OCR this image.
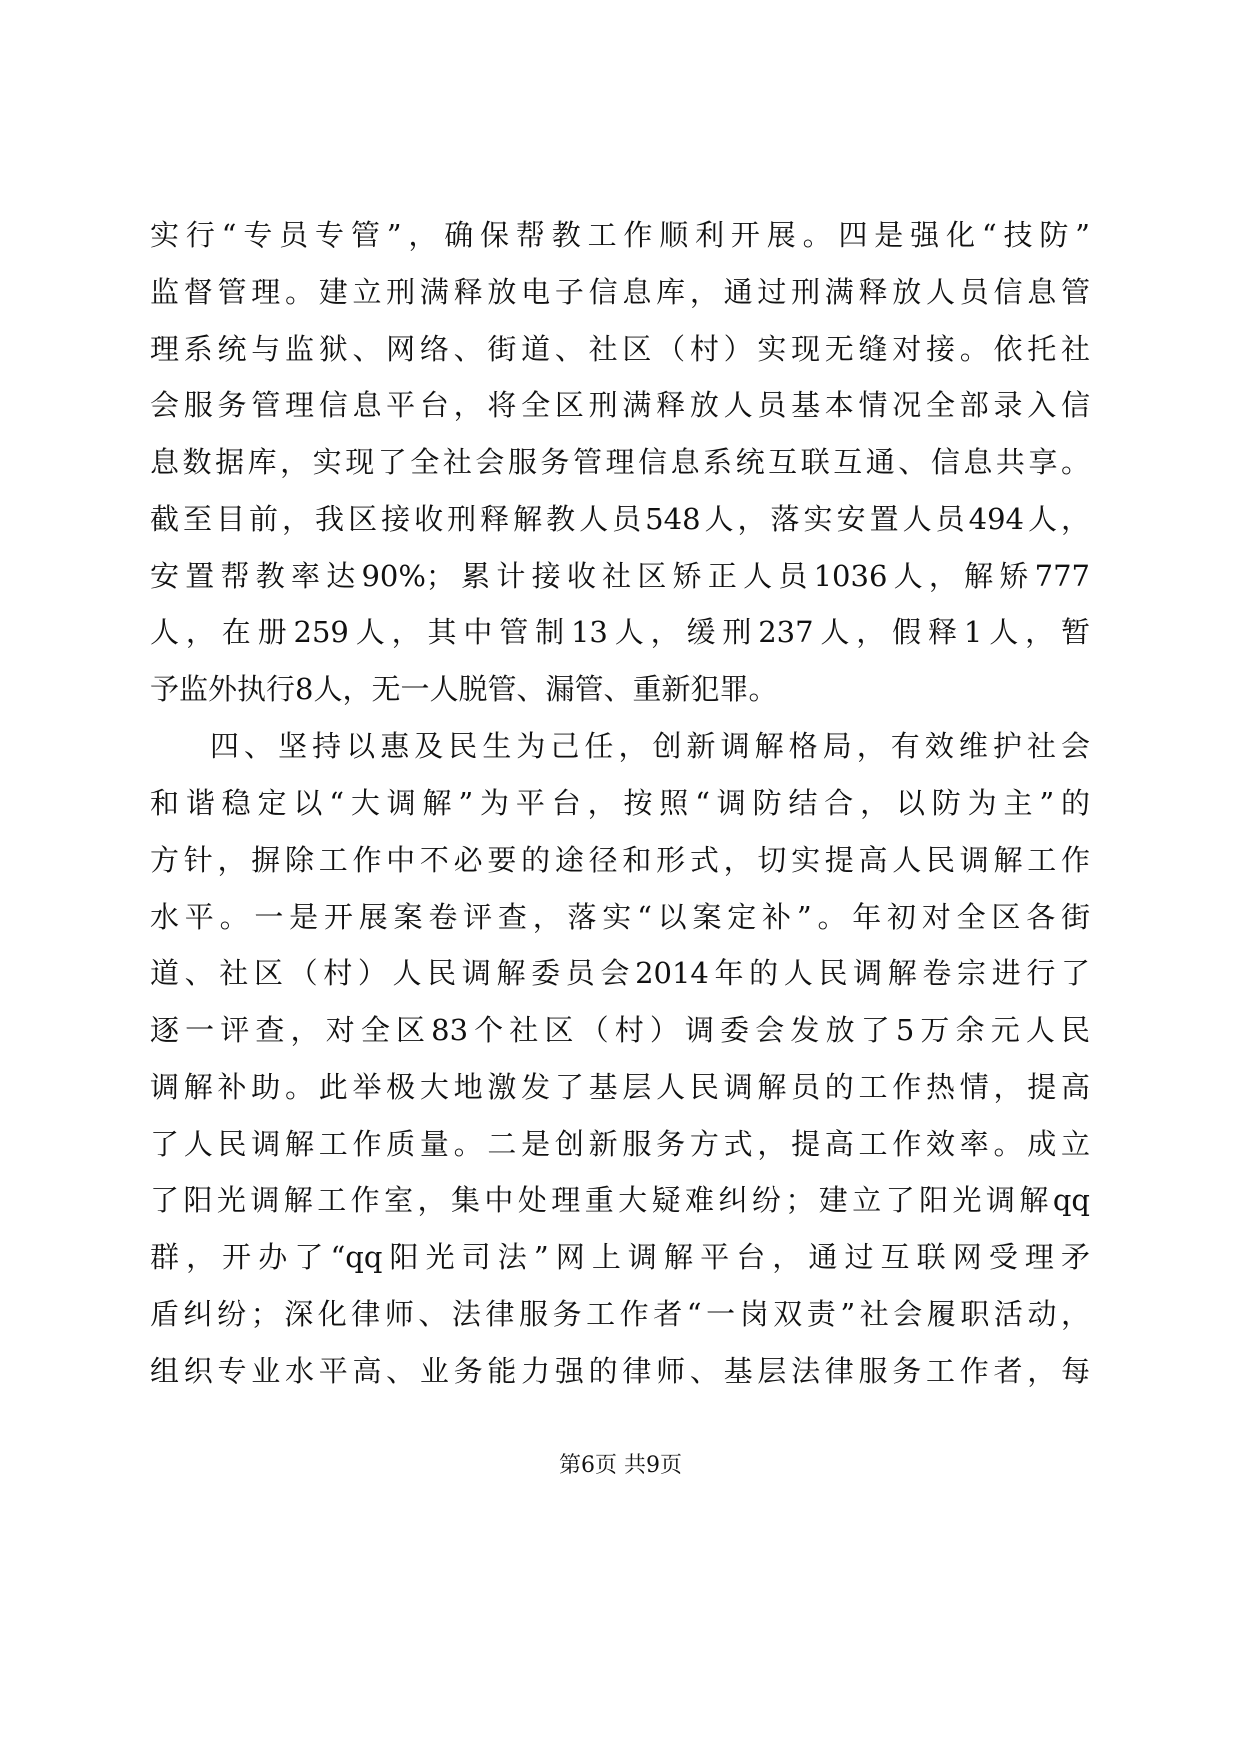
实行“专员专管”，确保帮教工作顺利开展。四是强化“技防”
监督管理。建立刑满释放电子信息库，通过刑满释放人员信息管
理系统与监狱、网络、街道、社区（村）实现无缝对接。依托社
会服务管理信息平台，将全区刑满释放人员基本情况全部录入信
息数据库，实现了全社会服务管理信息系统互联互通、信息共享。
截至目前，我区接收刑释解教人员548人，落实安置人员494人，
安置帮教率达90%；累计接收社区矫正人员1036人，解矫777
人，在册259人，其中管制13人，缓刑237人，假释1人，暂
予监外执行8人，无一人脱管、漏管、重新犯罪。
四、坚持以惠及民生为己任，创新调解格局，有效维护社会
和谐稳定以“大调解”为平台，按照“调防结合，以防为主”的
方针，摒除工作中不必要的途径和形式，切实提高人民调解工作
水平。一是开展案卷评查，落实“以案定补”。年初对全区各街
道、社区（村）人民调解委员会2014年的人民调解卷宗进行了
逐一评查，对全区83个社区（村）调委会发放了5万余元人民
调解补助。此举极大地激发了基层人民调解员的工作热情，提高
了人民调解工作质量。二是创新服务方式，提高工作效率。成立
了阳光调解工作室，集中处理重大疑难纠纷；建立了阳光调解qq
群，开办了“qq阳光司法”网上调解平台，通过互联网受理矛
盾纠纷；深化律师、法律服务工作者“一岗双责”社会履职活动，
组织专业水平高、业务能力强的律师、基层法律服务工作者，每
第6页 共9页
